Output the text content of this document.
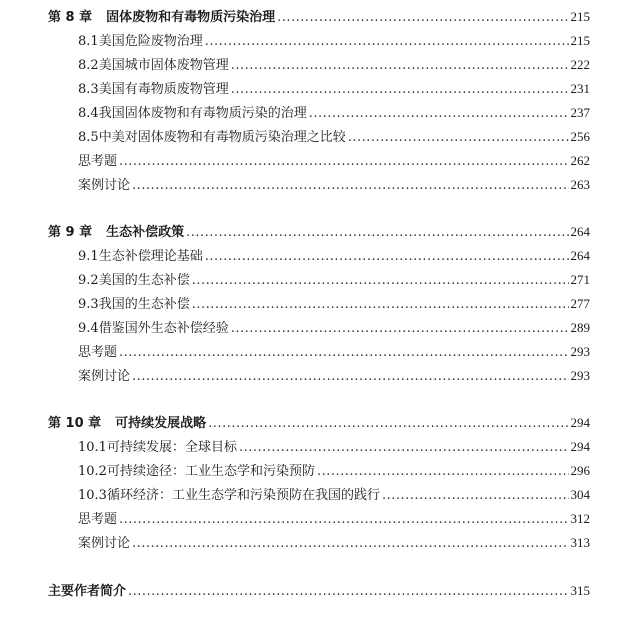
第 8 章 固体废物和有毒物质污染治理 .....	215
8.1 美国危险废物治理 .....	215
8.2 美国城市固体废物管理 .....	222
8.3 美国有毒物质废物管理 .....	231
8.4 我国固体废物和有毒物质污染的治理 .....	237
8.5 中美对固体废物和有毒物质污染治理之比较 .....	256
思考题 .....	262
案例讨论 .....	263
第 9 章 生态补偿政策 .....	264
9.1 生态补偿理论基础 .....	264
9.2 美国的生态补偿 .....	271
9.3 我国的生态补偿 .....	277
9.4 借鉴国外生态补偿经验 .....	289
思考题 .....	293
案例讨论 .....	293
第 10 章 可持续发展战略 .....	294
10.1 可持续发展：全球目标 .....	294
10.2 可持续途径：工业生态学和污染预防 .....	296
10.3 循环经济：工业生态学和污染预防在我国的践行 .....	304
思考题 .....	312
案例讨论 .....	313
主要作者简介 .....	315
